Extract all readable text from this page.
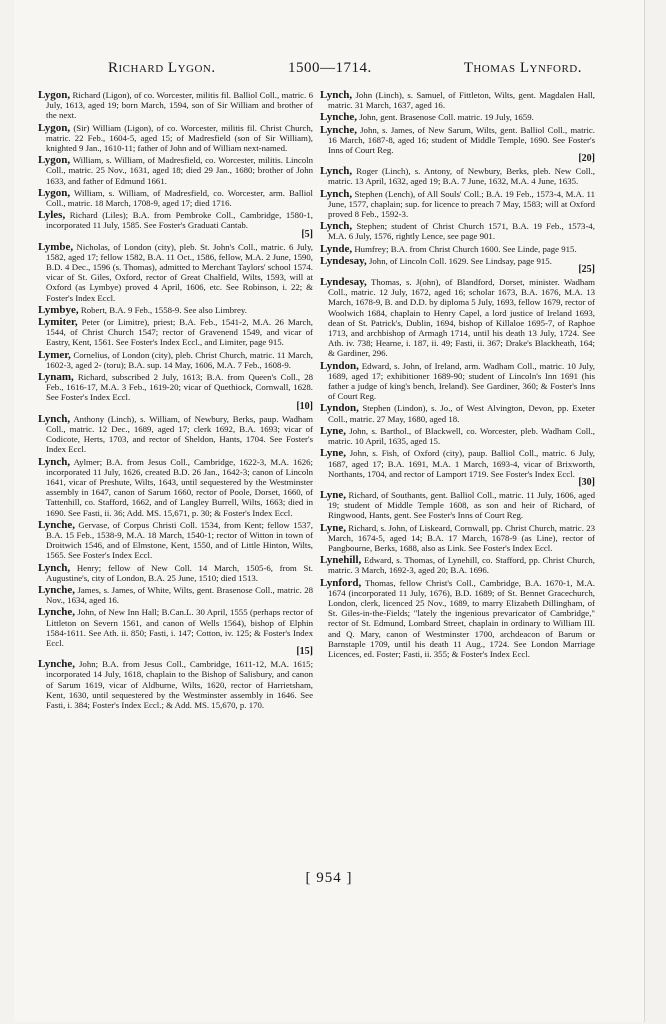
Richard Lygon.	1500—1714.	Thomas Lynford.
Lygon, Richard (Ligon), of co. Worcester, militis fil. Balliol Coll., matric. 6 July, 1613, aged 19; born March, 1594, son of Sir William and brother of the next.
Lygon, (Sir) William (Ligon), of co. Worcester, militis fil. Christ Church, matric. 22 Feb., 1604-5, aged 15; of Madresfield (son of Sir William), knighted 9 Jan., 1610-11; father of John and of William next-named.
Lygon, William, s. William, of Madresfield, co. Worcester, militis. Lincoln Coll., matric. 25 Nov., 1631, aged 18; died 29 Jan., 1680; brother of John 1633, and father of Edmund 1661.
Lygon, William, s. William, of Madresfield, co. Worcester, arm. Balliol Coll., matric. 18 March, 1708-9, aged 17; died 1716.
Lyles, Richard (Liles); B.A. from Pembroke Coll., Cambridge, 1580-1, incorporated 11 July, 1585. See Foster's Graduati Cantab.
[5]
Lymbe, Nicholas, of London (city), pleb. St. John's Coll., matric. 6 July, 1582, aged 17; fellow 1582, B.A. 11 Oct., 1586, fellow, M.A. 2 June, 1590, B.D. 4 Dec., 1596 (s. Thomas), admitted to Merchant Taylors' school 1574. vicar of St. Giles, Oxford, rector of Great Chalfield, Wilts, 1593, will at Oxford (as Lymbye) proved 4 April, 1606, etc. See Robinson, i. 22; & Foster's Index Eccl.
Lymbye, Robert, B.A. 9 Feb., 1558-9. See also Limbrey.
Lymiter, Peter (or Limitre), priest; B.A. Feb., 1541-2, M.A. 26 March, 1544, of Christ Church 1547; rector of Gravenend 1549, and vicar of Eastry, Kent, 1561. See Foster's Index Eccl., and Limiter, page 915.
Lymer, Cornelius, of London (city), pleb. Christ Church, matric. 11 March, 1602-3, aged 2- (toru); B.A. sup. 14 May, 1606, M.A. 7 Feb., 1608-9.
Lynam, Richard, subscribed 2 July, 1613; B.A. from Queen's Coll., 28 Feb., 1616-17, M.A. 3 Feb., 1619-20; vicar of Quethiock, Cornwall, 1628. See Foster's Index Eccl.
[10]
Lynch, Anthony (Linch), s. William, of Newbury, Berks, paup. Wadham Coll., matric. 12 Dec., 1689, aged 17; clerk 1692, B.A. 1693; vicar of Codicote, Herts, 1703, and rector of Sheldon, Hants, 1704. See Foster's Index Eccl.
Lynch, Aylmer; B.A. from Jesus Coll., Cambridge, 1622-3, M.A. 1626; incorporated 11 July, 1626, created B.D. 26 Jan., 1642-3; canon of Lincoln 1641, vicar of Preshute, Wilts, 1643, until sequestered by the Westminster assembly in 1647, canon of Sarum 1660, rector of Poole, Dorset, 1660, of Tattenhill, co. Stafford, 1662, and of Langley Burrell, Wilts, 1663; died in 1690. See Fasti, ii. 36; Add. MS. 15,671, p. 30; & Foster's Index Eccl.
Lynche, Gervase, of Corpus Christi Coll. 1534, from Kent; fellow 1537, B.A. 15 Feb., 1538-9, M.A. 18 March, 1540-1; rector of Witton in town of Droitwich 1546, and of Elmstone, Kent, 1550, and of Little Hinton, Wilts, 1565. See Foster's Index Eccl.
Lynch, Henry; fellow of New Coll. 14 March, 1505-6, from St. Augustine's, city of London, B.A. 25 June, 1510; died 1513.
Lynche, James, s. James, of White, Wilts, gent. Brasenose Coll., matric. 28 Nov., 1634, aged 16.
Lynche, John, of New Inn Hall; B.Can.L. 30 April, 1555 (perhaps rector of Littleton on Severn 1561, and canon of Wells 1564), bishop of Elphin 1584-1611. See Ath. ii. 850; Fasti, i. 147; Cotton, iv. 125; & Foster's Index Eccl.
[15]
Lynche, John; B.A. from Jesus Coll., Cambridge, 1611-12, M.A. 1615; incorporated 14 July, 1618, chaplain to the Bishop of Salisbury, and canon of Sarum 1619, vicar of Aldburne, Wilts, 1620, rector of Harrietsham, Kent, 1630, until sequestered by the Westminster assembly in 1646. See Fasti, i. 384; Foster's Index Eccl.; & Add. MS. 15,670, p. 170.
Lynch, John (Linch), s. Samuel, of Fittleton, Wilts, gent. Magdalen Hall, matric. 31 March, 1637, aged 16.
Lynche, John, gent. Brasenose Coll. matric. 19 July, 1659.
Lynche, John, s. James, of New Sarum, Wilts, gent. Balliol Coll., matric. 16 March, 1687-8, aged 16; student of Middle Temple, 1690. See Foster's Inns of Court Reg.
[20]
Lynch, Roger (Linch), s. Antony, of Newbury, Berks, pleb. New Coll., matric. 13 April, 1632, aged 19; B.A. 7 June, 1632, M.A. 4 June, 1635.
Lynch, Stephen (Lench), of All Souls' Coll.; B.A. 19 Feb., 1573-4, M.A. 11 June, 1577, chaplain; sup. for licence to preach 7 May, 1583; will at Oxford proved 8 Feb., 1592-3.
Lynch, Stephen; student of Christ Church 1571, B.A. 19 Feb., 1573-4, M.A. 6 July, 1576, rightly Lence, see page 901.
Lynde, Humfrey; B.A. from Christ Church 1600. See Linde, page 915.
Lyndesay, John, of Lincoln Coll. 1629. See Lindsay, page 915.
[25]
Lyndesay, Thomas, s. J(ohn), of Blandford, Dorset, minister. Wadham Coll., matric. 12 July, 1672, aged 16; scholar 1673, B.A. 1676, M.A. 13 March, 1678-9, B. and D.D. by diploma 5 July, 1693, fellow 1679, rector of Woolwich 1684, chaplain to Henry Capel, a lord justice of Ireland 1693, dean of St. Patrick's, Dublin, 1694, bishop of Killaloe 1695-7, of Raphoe 1713, and archbishop of Armagh 1714, until his death 13 July, 1724. See Ath. iv. 738; Hearne, i. 187, ii. 49; Fasti, ii. 367; Drake's Blackheath, 164; & Gardiner, 296.
Lyndon, Edward, s. John, of Ireland, arm. Wadham Coll., matric. 10 July, 1689, aged 17; exhibitioner 1689-90; student of Lincoln's Inn 1691 (his father a judge of king's bench, Ireland). See Gardiner, 360; & Foster's Inns of Court Reg.
Lyndon, Stephen (Lindon), s. Jo., of West Alvington, Devon, pp. Exeter Coll., matric. 27 May, 1680, aged 18.
Lyne, John, s. Barthol., of Blackwell, co. Worcester, pleb. Wadham Coll., matric. 10 April, 1635, aged 15.
Lyne, John, s. Fish, of Oxford (city), paup. Balliol Coll., matric. 6 July, 1687, aged 17; B.A. 1691, M.A. 1 March, 1693-4, vicar of Brixworth, Northants, 1704, and rector of Lamport 1719. See Foster's Index Eccl.
[30]
Lyne, Richard, of Southants, gent. Balliol Coll., matric. 11 July, 1606, aged 19; student of Middle Temple 1608, as son and heir of Richard, of Ringwood, Hants, gent. See Foster's Inns of Court Reg.
Lyne, Richard, s. John, of Liskeard, Cornwall, pp. Christ Church, matric. 23 March, 1674-5, aged 14; B.A. 17 March, 1678-9 (as Line), rector of Pangbourne, Berks, 1688, also as Link. See Foster's Index Eccl.
Lynehill, Edward, s. Thomas, of Lynehill, co. Stafford, pp. Christ Church, matric. 3 March, 1692-3, aged 20; B.A. 1696.
Lynford, Thomas, fellow Christ's Coll., Cambridge, B.A. 1670-1, M.A. 1674 (incorporated 11 July, 1676), B.D. 1689; of St. Bennet Gracechurch, London, clerk, licenced 25 Nov., 1689, to marry Elizabeth Dillingham, of St. Giles-in-the-Fields; "lately the ingenious prevaricator of Cambridge," rector of St. Edmund, Lombard Street, chaplain in ordinary to William III. and Q. Mary, canon of Westminster 1700, archdeacon of Barum or Barnstaple 1709, until his death 11 Aug., 1724. See London Marriage Licences, ed. Foster; Fasti, ii. 355; & Foster's Index Eccl.
[ 954 ]
